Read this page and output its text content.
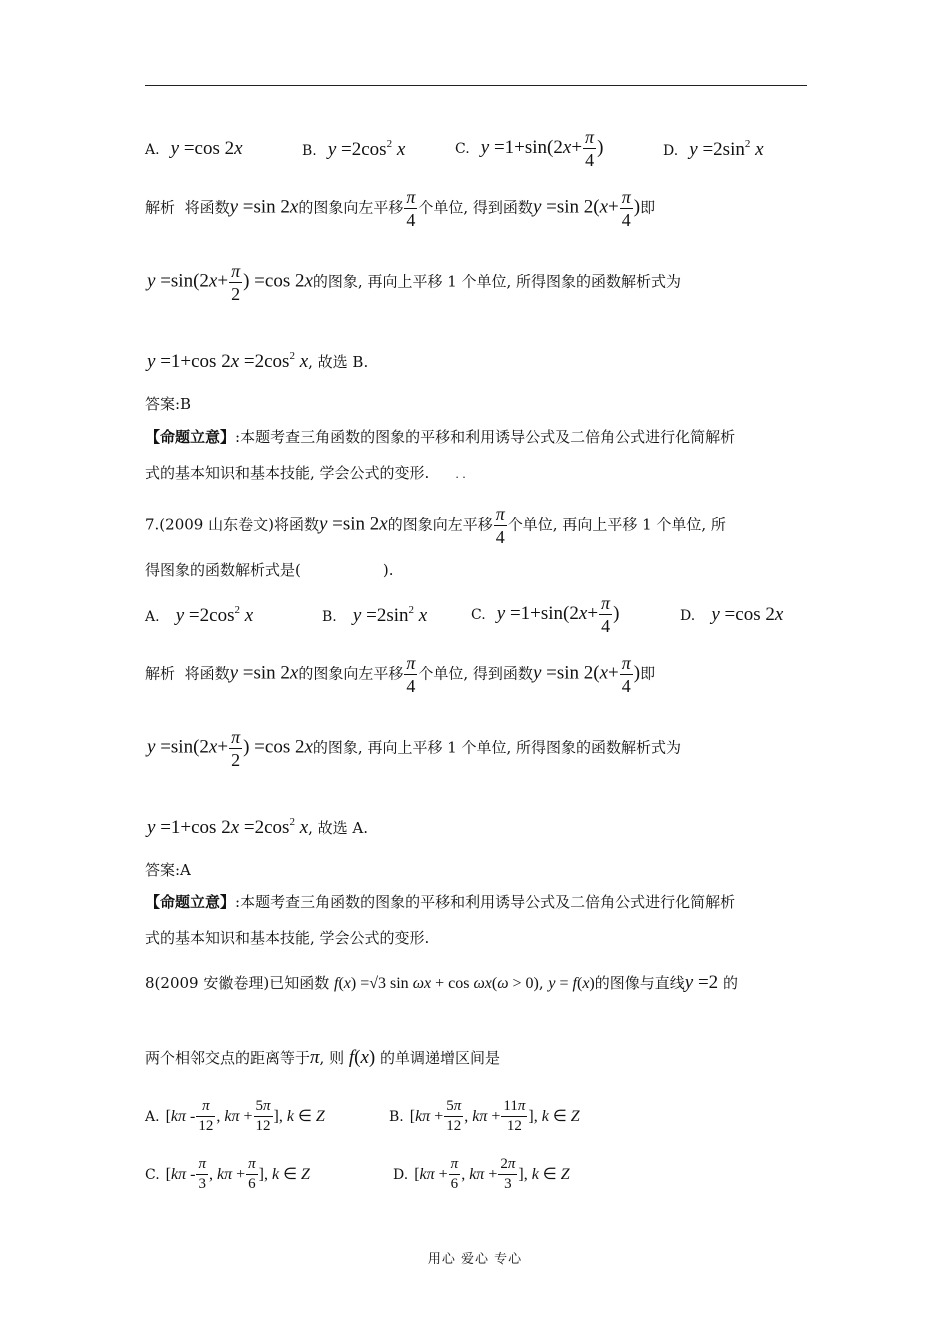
A. y =cos 2x	B. $y =2\cos^2$ x	C. $y =1+\sin(2x+ \frac{\pi}{4}$ )	D. $y =2\sin^2$ x
解析 将函数y =sin 2x的图象向左平移 $\frac{\pi}{4}$ 个单位, 得到函数y =sin $2(x+ \frac{\pi}{4}$ )即
$y =\sin(2x+ \frac{\pi}{2}$ ) =cos 2x的图象, 再向上平移 1 个单位, 所得图象的函数解析式为
y =1+cos $2x =2\cos^2$ x, 故选 B.
答案:B
【命题立意】:本题考查三角函数的图象的平移和利用诱导公式及二倍角公式进行化简解析
式的基本知识和基本技能, 学会公式的变形. . .
7.(2009 山东卷文)将函数y =sin 2x的图象向左平移 $\frac{\pi}{4}$ 个单位, 再向上平移 1 个单位, 所
得图象的函数解析式是(	).
A. $y =2\cos^2$ x	B. $y =2\sin^2$ x	C. $y =1+\sin(2x+ \frac{\pi}{4}$ )	D. y =cos 2x
解析 将函数y =sin 2x的图象向左平移 $\frac{\pi}{4}$ 个单位, 得到函数y =sin $2(x+ \frac{\pi}{4}$ )即
$y =\sin(2x+ \frac{\pi}{2}$ ) =cos 2x的图象, 再向上平移 1 个单位, 所得图象的函数解析式为
y =1+cos $2x =2\cos^2$ x, 故选 A.
答案:A
【命题立意】:本题考查三角函数的图象的平移和利用诱导公式及二倍角公式进行化简解析
式的基本知识和基本技能, 学会公式的变形.
8(2009 安徽卷理)已知函数 f(x) =√3 sin ωx + cos ωx(ω > 0), y = f(x)的图像与直线y =2 的
两个相邻交点的距离等于π, 则 f(x) 的单调递增区间是
A. [$k\pi - \frac{\pi}{12}$ , $k\pi + \frac{5\pi}{12}$ ], k ∈ Z	B. [$k\pi + \frac{5\pi}{12}$ , $k\pi + \frac{11\pi}{12}$ ], k ∈ Z
C. [$k\pi - \frac{\pi}{3}$ , $k\pi + \frac{\pi}{6}$ ], k ∈ Z	D. [$k\pi + \frac{\pi}{6}$ , $k\pi + \frac{2\pi}{3}$ ], k ∈ Z
用心 爱心 专心
